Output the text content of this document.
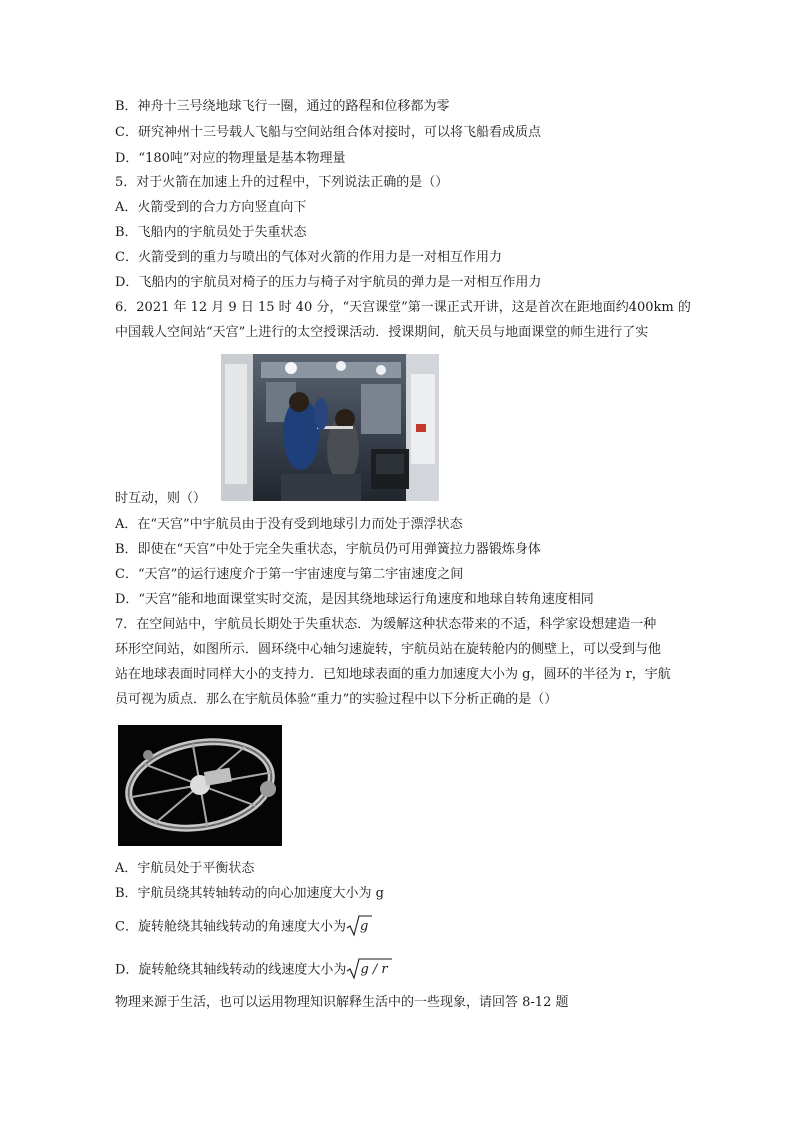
B．神舟十三号绕地球飞行一圈，通过的路程和位移都为零
C．研究神州十三号载人飞船与空间站组合体对接时，可以将飞船看成质点
D．“180吨”对应的物理量是基本物理量
5．对于火箭在加速上升的过程中，下列说法正确的是（）
A．火箭受到的合力方向竖直向下
B．飞船内的宇航员处于失重状态
C．火箭受到的重力与喷出的气体对火箭的作用力是一对相互作用力
D．飞船内的宇航员对椅子的压力与椅子对宇航员的弹力是一对相互作用力
6．2021 年 12 月 9 日 15 时 40 分，“天宫课堂”第一课正式开讲，这是首次在距地面约400km 的
中国载人空间站“天宫”上进行的太空授课活动．授课期间，航天员与地面课堂的师生进行了实
时互动，则（）
A．在“天宫”中宇航员由于没有受到地球引力而处于漂浮状态
B．即使在“天宫”中处于完全失重状态，宇航员仍可用弹簧拉力器锻炼身体
C．“天宫”的运行速度介于第一宇宙速度与第二宇宙速度之间
D．“天宫”能和地面课堂实时交流，是因其绕地球运行角速度和地球自转角速度相同
7．在空间站中，宇航员长期处于失重状态．为缓解这种状态带来的不适，科学家设想建造一种
环形空间站，如图所示．圆环绕中心轴匀速旋转，宇航员站在旋转舱内的侧壁上，可以受到与他
站在地球表面时同样大小的支持力．已知地球表面的重力加速度大小为 g，圆环的半径为 r，宇航
员可视为质点．那么在宇航员体验“重力”的实验过程中以下分析正确的是（）
A．宇航员处于平衡状态
B．宇航员绕其转轴转动的向心加速度大小为 g
C．旋转舱绕其轴线转动的角速度大小为 g
D．旋转舱绕其轴线转动的线速度大小为 g / r
物理来源于生活，也可以运用物理知识解释生活中的一些现象，请回答 8-12 题
